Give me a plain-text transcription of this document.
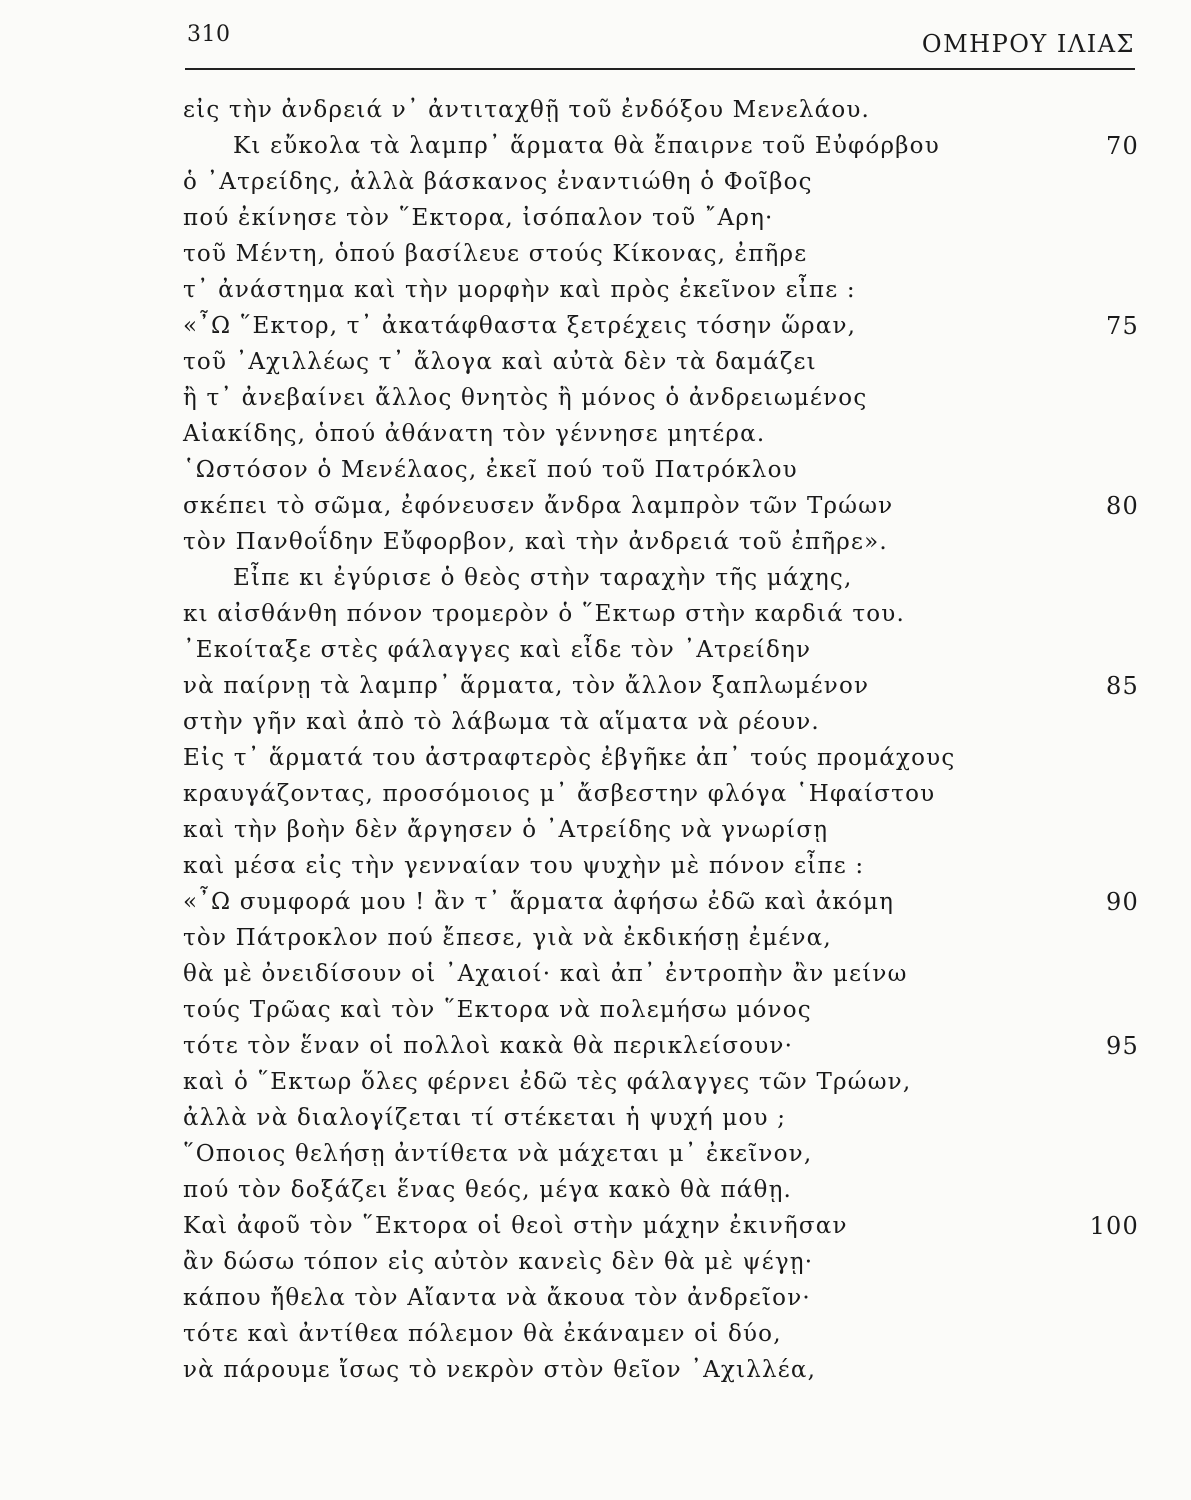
310	ΟΜΗΡΟΥ ΙΛΙΑΣ
εἰς τὴν ἀνδρειά ν᾿ ἀντιταχθῇ τοῦ ἐνδόξου Μενελάου.
Κι εὔκολα τὰ λαμπρ᾿ ἅρματα θὰ ἔπαιρνε τοῦ Εὐφόρβου	70
ὁ ᾿Ατρείδης, ἀλλὰ βάσκανος ἐναντιώθη ὁ Φοῖβος
πού ἐκίνησε τὸν ῞Εκτορα, ἰσόπαλον τοῦ ῎Αρη·
τοῦ Μέντη, ὁπού βασίλευε στούς Κίκονας, ἐπῆρε
τ᾿ ἀνάστημα καὶ τὴν μορφὴν καὶ πρὸς ἐκεῖνον εἶπε :
«῏Ω ῞Εκτορ, τ᾿ ἀκατάφθαστα ξετρέχεις τόσην ὥραν,	75
τοῦ ᾿Αχιλλέως τ᾿ ἄλογα καὶ αὐτὰ δὲν τὰ δαμάζει
ἢ τ᾿ ἀνεβαίνει ἄλλος θνητὸς ἢ μόνος ὁ ἀνδρειωμένος
Αἰακίδης, ὁπού ἀθάνατη τὸν γέννησε μητέρα.
῾Ωστόσον ὁ Μενέλαος, ἐκεῖ πού τοῦ Πατρόκλου
σκέπει τὸ σῶμα, ἐφόνευσεν ἄνδρα λαμπρὸν τῶν Τρώων	80
τὸν Πανθοΐδην Εὔφορβον, καὶ τὴν ἀνδρειά τοῦ ἐπῆρε».
Εἶπε κι ἐγύρισε ὁ θεὸς στὴν ταραχὴν τῆς μάχης,
κι αἰσθάνθη πόνον τρομερὸν ὁ ῞Εκτωρ στὴν καρδιά του.
᾿Εκοίταξε στὲς φάλαγγες καὶ εἶδε τὸν ᾿Ατρείδην
νὰ παίρνῃ τὰ λαμπρ᾿ ἅρματα, τὸν ἄλλον ξαπλωμένον	85
στὴν γῆν καὶ ἀπὸ τὸ λάβωμα τὰ αἵματα νὰ ρέουν.
Εἰς τ᾿ ἅρματά του ἀστραφτερὸς ἐβγῆκε ἀπ᾿ τούς προμάχους
κραυγάζοντας, προσόμοιος μ᾿ ἄσβεστην φλόγα ῾Ηφαίστου
καὶ τὴν βοὴν δὲν ἄργησεν ὁ ᾿Ατρείδης νὰ γνωρίσῃ
καὶ μέσα εἰς τὴν γενναίαν του ψυχὴν μὲ πόνον εἶπε :
«῏Ω συμφορά μου ! ἂν τ᾿ ἅρματα ἀφήσω ἐδῶ καὶ ἀκόμη	90
τὸν Πάτροκλον πού ἔπεσε, γιὰ νὰ ἐκδικήσῃ ἐμένα,
θὰ μὲ ὀνειδίσουν οἱ ᾿Αχαιοί· καὶ ἀπ᾿ ἐντροπὴν ἂν μείνω
τούς Τρῶας καὶ τὸν ῞Εκτορα νὰ πολεμήσω μόνος
τότε τὸν ἕναν οἱ πολλοὶ κακὰ θὰ περικλείσουν·	95
καὶ ὁ ῞Εκτωρ ὅλες φέρνει ἐδῶ τὲς φάλαγγες τῶν Τρώων,
ἀλλὰ νὰ διαλογίζεται τί στέκεται ἡ ψυχή μου ;
῞Οποιος θελήσῃ ἀντίθετα νὰ μάχεται μ᾿ ἐκεῖνον,
πού τὸν δοξάζει ἕνας θεός, μέγα κακὸ θὰ πάθῃ.
Καὶ ἀφοῦ τὸν ῞Εκτορα οἱ θεοὶ στὴν μάχην ἐκινῆσαν	100
ἂν δώσω τόπον εἰς αὐτὸν κανεὶς δὲν θὰ μὲ ψέγῃ·
κάπου ἤθελα τὸν Αἴαντα νὰ ἄκουα τὸν ἀνδρεῖον·
τότε καὶ ἀντίθεα πόλεμον θὰ ἐκάναμεν οἱ δύο,
νὰ πάρουμε ἴσως τὸ νεκρὸν στὸν θεῖον ᾿Αχιλλέα,
